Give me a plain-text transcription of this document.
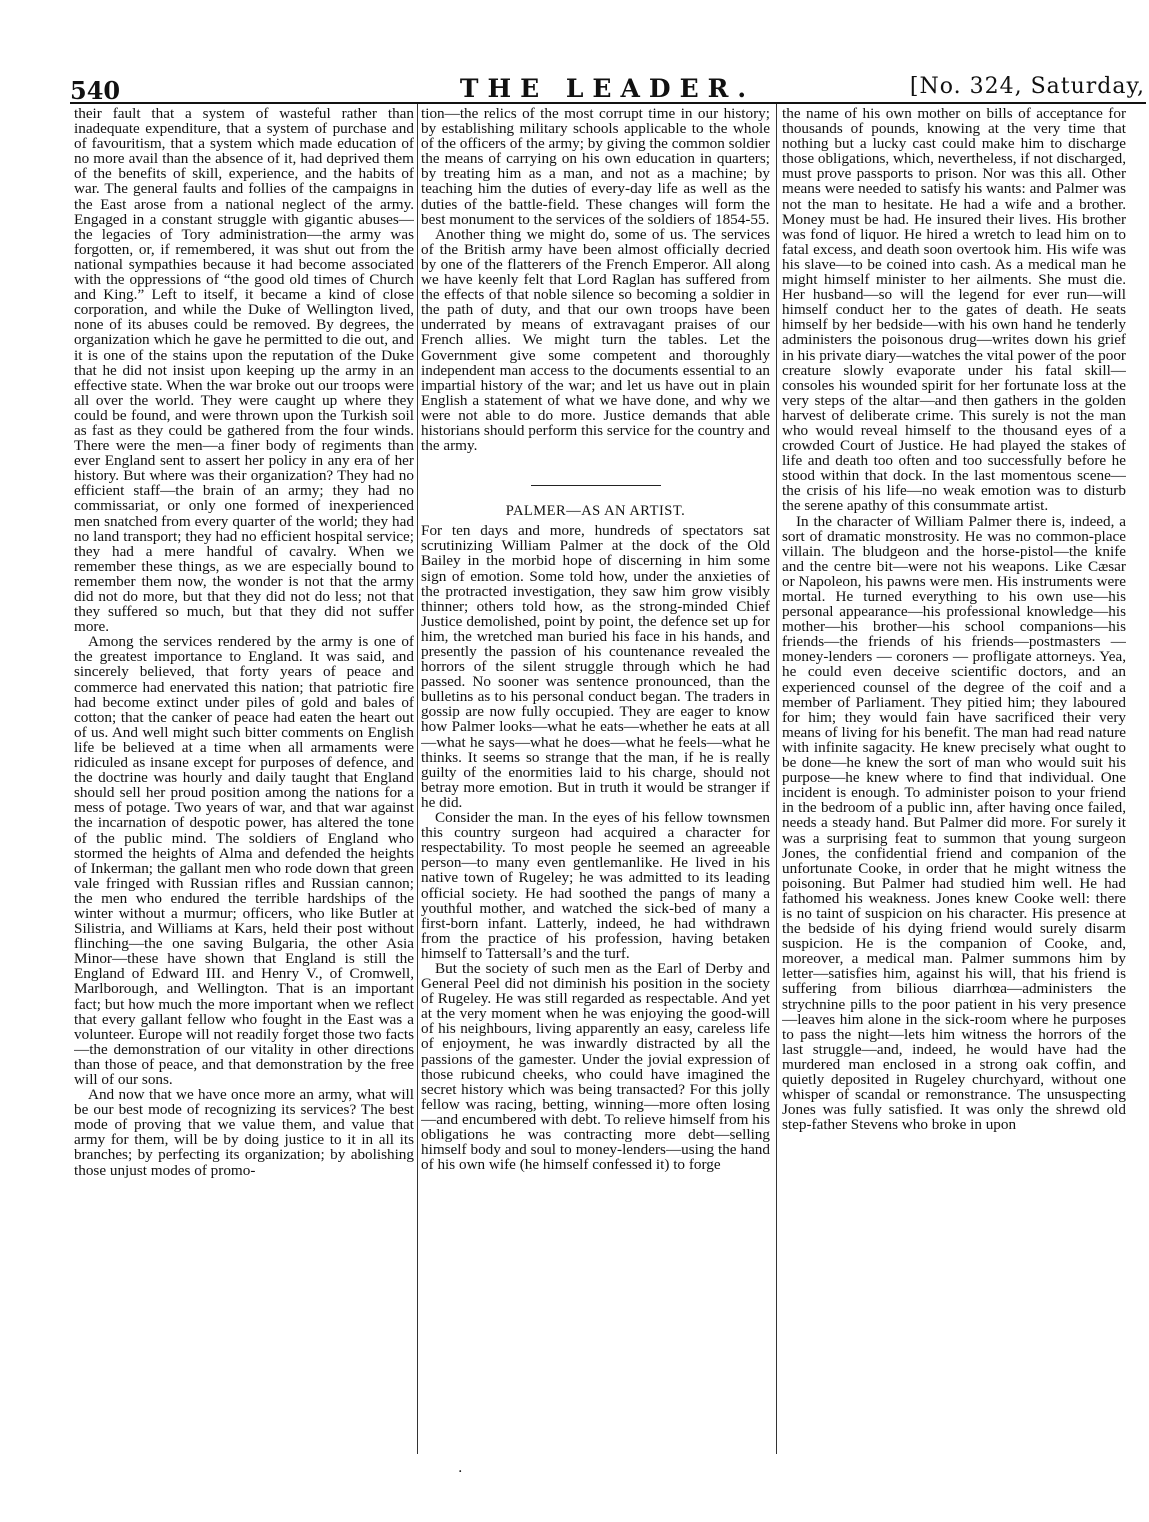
540	THE LEADER.	[No. 324, Saturday,

their fault that a system of wasteful rather than inadequate expenditure, that a system of purchase and of favouritism, that a system which made education of no more avail than the absence of it, had deprived them of the benefits of skill, experience, and the habits of war. The general faults and follies of the campaigns in the East arose from a national neglect of the army. Engaged in a constant struggle with gigantic abuses—the legacies of Tory administration—the army was forgotten, or, if remembered, it was shut out from the national sympathies because it had become associated with the oppressions of “the good old times of Church and King.” Left to itself, it became a kind of close corporation, and while the Duke of Wellington lived, none of its abuses could be removed. By degrees, the organization which he gave he permitted to die out, and it is one of the stains upon the reputation of the Duke that he did not insist upon keeping up the army in an effective state. When the war broke out our troops were all over the world. They were caught up where they could be found, and were thrown upon the Turkish soil as fast as they could be gathered from the four winds. There were the men—a finer body of regiments than ever England sent to assert her policy in any era of her history. But where was their organization? They had no efficient staff—the brain of an army; they had no commissariat, or only one formed of inexperienced men snatched from every quarter of the world; they had no land transport; they had no efficient hospital service; they had a mere handful of cavalry. When we remember these things, as we are especially bound to remember them now, the wonder is not that the army did not do more, but that they did not do less; not that they suffered so much, but that they did not suffer more.

Among the services rendered by the army is one of the greatest importance to England. It was said, and sincerely believed, that forty years of peace and commerce had enervated this nation; that patriotic fire had become extinct under piles of gold and bales of cotton; that the canker of peace had eaten the heart out of us. And well might such bitter comments on English life be believed at a time when all armaments were ridiculed as insane except for purposes of defence, and the doctrine was hourly and daily taught that England should sell her proud position among the nations for a mess of potage. Two years of war, and that war against the incarnation of despotic power, has altered the tone of the public mind. The soldiers of England who stormed the heights of Alma and defended the heights of Inkerman; the gallant men who rode down that green vale fringed with Russian rifles and Russian cannon; the men who endured the terrible hardships of the winter without a murmur; officers, who like Butler at Silistria, and Williams at Kars, held their post without flinching—the one saving Bulgaria, the other Asia Minor—these have shown that England is still the England of Edward III. and Henry V., of Cromwell, Marlborough, and Wellington. That is an important fact; but how much the more important when we reflect that every gallant fellow who fought in the East was a volunteer. Europe will not readily forget those two facts—the demonstration of our vitality in other directions than those of peace, and that demonstration by the free will of our sons.

And now that we have once more an army, what will be our best mode of recognizing its services? The best mode of proving that we value them, and value that army for them, will be by doing justice to it in all its branches; by perfecting its organization; by abolishing those unjust modes of promo-

tion—the relics of the most corrupt time in our history; by establishing military schools applicable to the whole of the officers of the army; by giving the common soldier the means of carrying on his own education in quarters; by treating him as a man, and not as a machine; by teaching him the duties of every-day life as well as the duties of the battle-field. These changes will form the best monument to the services of the soldiers of 1854-55.

Another thing we might do, some of us. The services of the British army have been almost officially decried by one of the flatterers of the French Emperor. All along we have keenly felt that Lord Raglan has suffered from the effects of that noble silence so becoming a soldier in the path of duty, and that our own troops have been underrated by means of extravagant praises of our French allies. We might turn the tables. Let the Government give some competent and thoroughly independent man access to the documents essential to an impartial history of the war; and let us have out in plain English a statement of what we have done, and why we were not able to do more. Justice demands that able historians should perform this service for the country and the army.

PALMER—AS AN ARTIST.

For ten days and more, hundreds of spectators sat scrutinizing William Palmer at the dock of the Old Bailey in the morbid hope of discerning in him some sign of emotion. Some told how, under the anxieties of the protracted investigation, they saw him grow visibly thinner; others told how, as the strong-minded Chief Justice demolished, point by point, the defence set up for him, the wretched man buried his face in his hands, and presently the passion of his countenance revealed the horrors of the silent struggle through which he had passed. No sooner was sentence pronounced, than the bulletins as to his personal conduct began. The traders in gossip are now fully occupied. They are eager to know how Palmer looks—what he eats—whether he eats at all—what he says—what he does—what he feels—what he thinks. It seems so strange that the man, if he is really guilty of the enormities laid to his charge, should not betray more emotion. But in truth it would be stranger if he did.

Consider the man. In the eyes of his fellow townsmen this country surgeon had acquired a character for respectability. To most people he seemed an agreeable person—to many even gentlemanlike. He lived in his native town of Rugeley; he was admitted to its leading official society. He had soothed the pangs of many a youthful mother, and watched the sick-bed of many a first-born infant. Latterly, indeed, he had withdrawn from the practice of his profession, having betaken himself to Tattersall’s and the turf.

But the society of such men as the Earl of Derby and General Peel did not diminish his position in the society of Rugeley. He was still regarded as respectable. And yet at the very moment when he was enjoying the good-will of his neighbours, living apparently an easy, careless life of enjoyment, he was inwardly distracted by all the passions of the gamester. Under the jovial expression of those rubicund cheeks, who could have imagined the secret history which was being transacted? For this jolly fellow was racing, betting, winning—more often losing—and encumbered with debt. To relieve himself from his obligations he was contracting more debt—selling himself body and soul to money-lenders—using the hand of his own wife (he himself confessed it) to forge

the name of his own mother on bills of acceptance for thousands of pounds, knowing at the very time that nothing but a lucky cast could make him to discharge those obligations, which, nevertheless, if not discharged, must prove passports to prison. Nor was this all. Other means were needed to satisfy his wants: and Palmer was not the man to hesitate. He had a wife and a brother. Money must be had. He insured their lives. His brother was fond of liquor. He hired a wretch to lead him on to fatal excess, and death soon overtook him. His wife was his slave—to be coined into cash. As a medical man he might himself minister to her ailments. She must die. Her husband—so will the legend for ever run—will himself conduct her to the gates of death. He seats himself by her bedside—with his own hand he tenderly administers the poisonous drug—writes down his grief in his private diary—watches the vital power of the poor creature slowly evaporate under his fatal skill—consoles his wounded spirit for her fortunate loss at the very steps of the altar—and then gathers in the golden harvest of deliberate crime. This surely is not the man who would reveal himself to the thousand eyes of a crowded Court of Justice. He had played the stakes of life and death too often and too successfully before he stood within that dock. In the last momentous scene—the crisis of his life—no weak emotion was to disturb the serene apathy of this consummate artist.

In the character of William Palmer there is, indeed, a sort of dramatic monstrosity. He was no common-place villain. The bludgeon and the horse-pistol—the knife and the centre bit—were not his weapons. Like Cæsar or Napoleon, his pawns were men. His instruments were mortal. He turned everything to his own use—his personal appearance—his professional knowledge—his mother—his brother—his school companions—his friends—the friends of his friends—postmasters — money-lenders — coroners — profligate attorneys. Yea, he could even deceive scientific doctors, and an experienced counsel of the degree of the coif and a member of Parliament. They pitied him; they laboured for him; they would fain have sacrificed their very means of living for his benefit. The man had read nature with infinite sagacity. He knew precisely what ought to be done—he knew the sort of man who would suit his purpose—he knew where to find that individual. One incident is enough. To administer poison to your friend in the bedroom of a public inn, after having once failed, needs a steady hand. But Palmer did more. For surely it was a surprising feat to summon that young surgeon Jones, the confidential friend and companion of the unfortunate Cooke, in order that he might witness the poisoning. But Palmer had studied him well. He had fathomed his weakness. Jones knew Cooke well: there is no taint of suspicion on his character. His presence at the bedside of his dying friend would surely disarm suspicion. He is the companion of Cooke, and, moreover, a medical man. Palmer summons him by letter—satisfies him, against his will, that his friend is suffering from bilious diarrhœa—administers the strychnine pills to the poor patient in his very presence—leaves him alone in the sick-room where he purposes to pass the night—lets him witness the horrors of the last struggle—and, indeed, he would have had the murdered man enclosed in a strong oak coffin, and quietly deposited in Rugeley churchyard, without one whisper of scandal or remonstrance. The unsuspecting Jones was fully satisfied. It was only the shrewd old step-father Stevens who broke in upon

.
